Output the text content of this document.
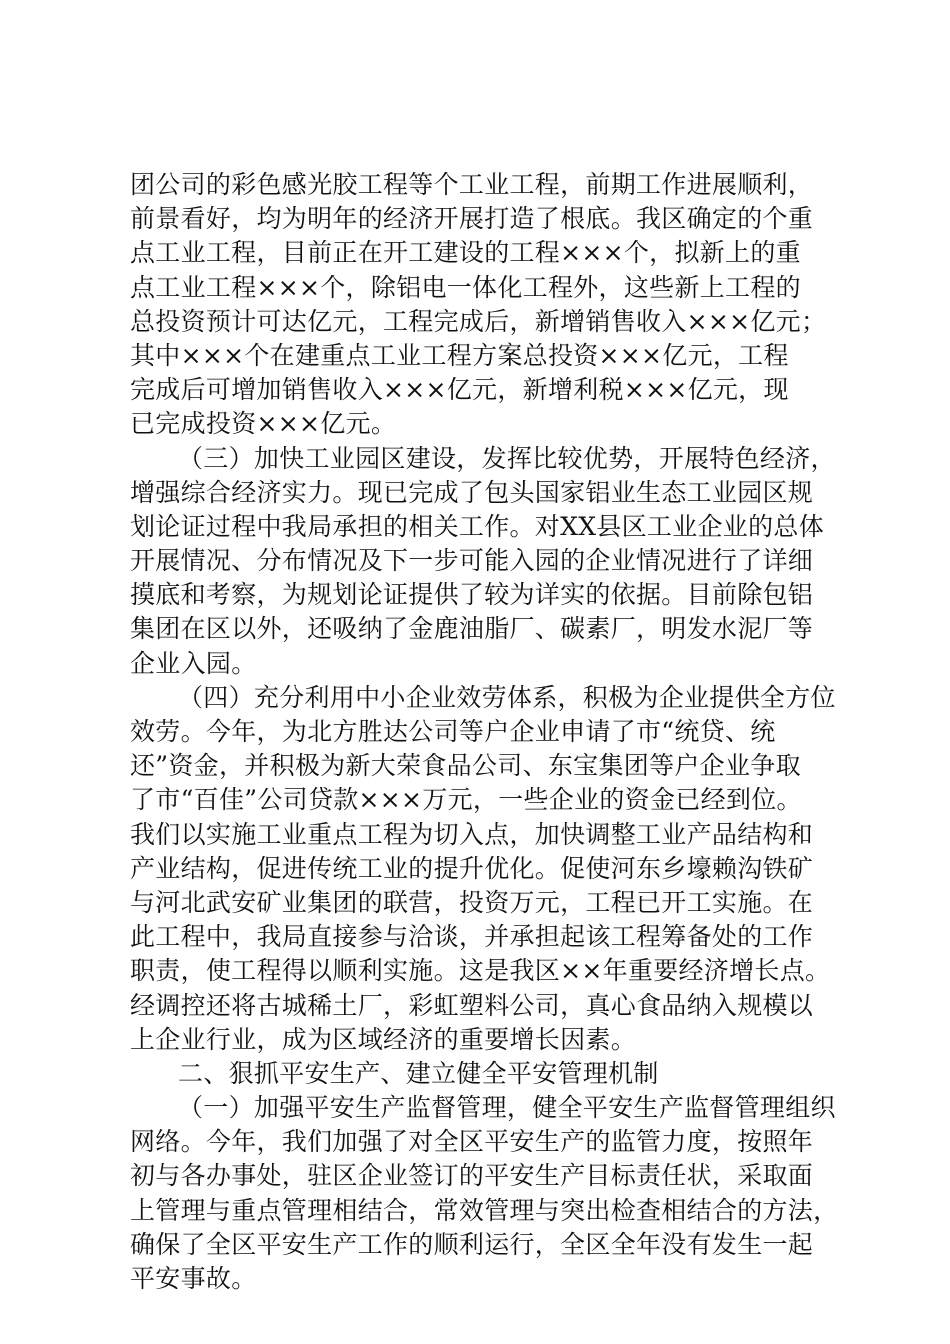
团公司的彩色感光胶工程等个工业工程，前期工作进展顺利，
前景看好，均为明年的经济开展打造了根底。我区确定的个重
点工业工程，目前正在开工建设的工程×××个，拟新上的重
点工业工程×××个，除铝电一体化工程外，这些新上工程的
总投资预计可达亿元，工程完成后，新增销售收入×××亿元；
其中×××个在建重点工业工程方案总投资×××亿元，工程
完成后可增加销售收入×××亿元，新增利税×××亿元，现
已完成投资×××亿元。
（三）加快工业园区建设，发挥比较优势，开展特色经济，
增强综合经济实力。现已完成了包头国家铝业生态工业园区规
划论证过程中我局承担的相关工作。对XX县区工业企业的总体
开展情况、分布情况及下一步可能入园的企业情况进行了详细
摸底和考察，为规划论证提供了较为详实的依据。目前除包铝
集团在区以外，还吸纳了金鹿油脂厂、碳素厂，明发水泥厂等
企业入园。
（四）充分利用中小企业效劳体系，积极为企业提供全方位
效劳。今年，为北方胜达公司等户企业申请了市“统贷、统
还”资金，并积极为新大荣食品公司、东宝集团等户企业争取
了市“百佳”公司贷款×××万元，一些企业的资金已经到位。
我们以实施工业重点工程为切入点，加快调整工业产品结构和
产业结构，促进传统工业的提升优化。促使河东乡壕赖沟铁矿
与河北武安矿业集团的联营，投资万元，工程已开工实施。在
此工程中，我局直接参与洽谈，并承担起该工程筹备处的工作
职责，使工程得以顺利实施。这是我区××年重要经济增长点。
经调控还将古城稀土厂，彩虹塑料公司，真心食品纳入规模以
上企业行业，成为区域经济的重要增长因素。
二、狠抓平安生产、建立健全平安管理机制
（一）加强平安生产监督管理，健全平安生产监督管理组织
网络。今年，我们加强了对全区平安生产的监管力度，按照年
初与各办事处，驻区企业签订的平安生产目标责任状，采取面
上管理与重点管理相结合，常效管理与突出检查相结合的方法，
确保了全区平安生产工作的顺利运行，全区全年没有发生一起
平安事故。
